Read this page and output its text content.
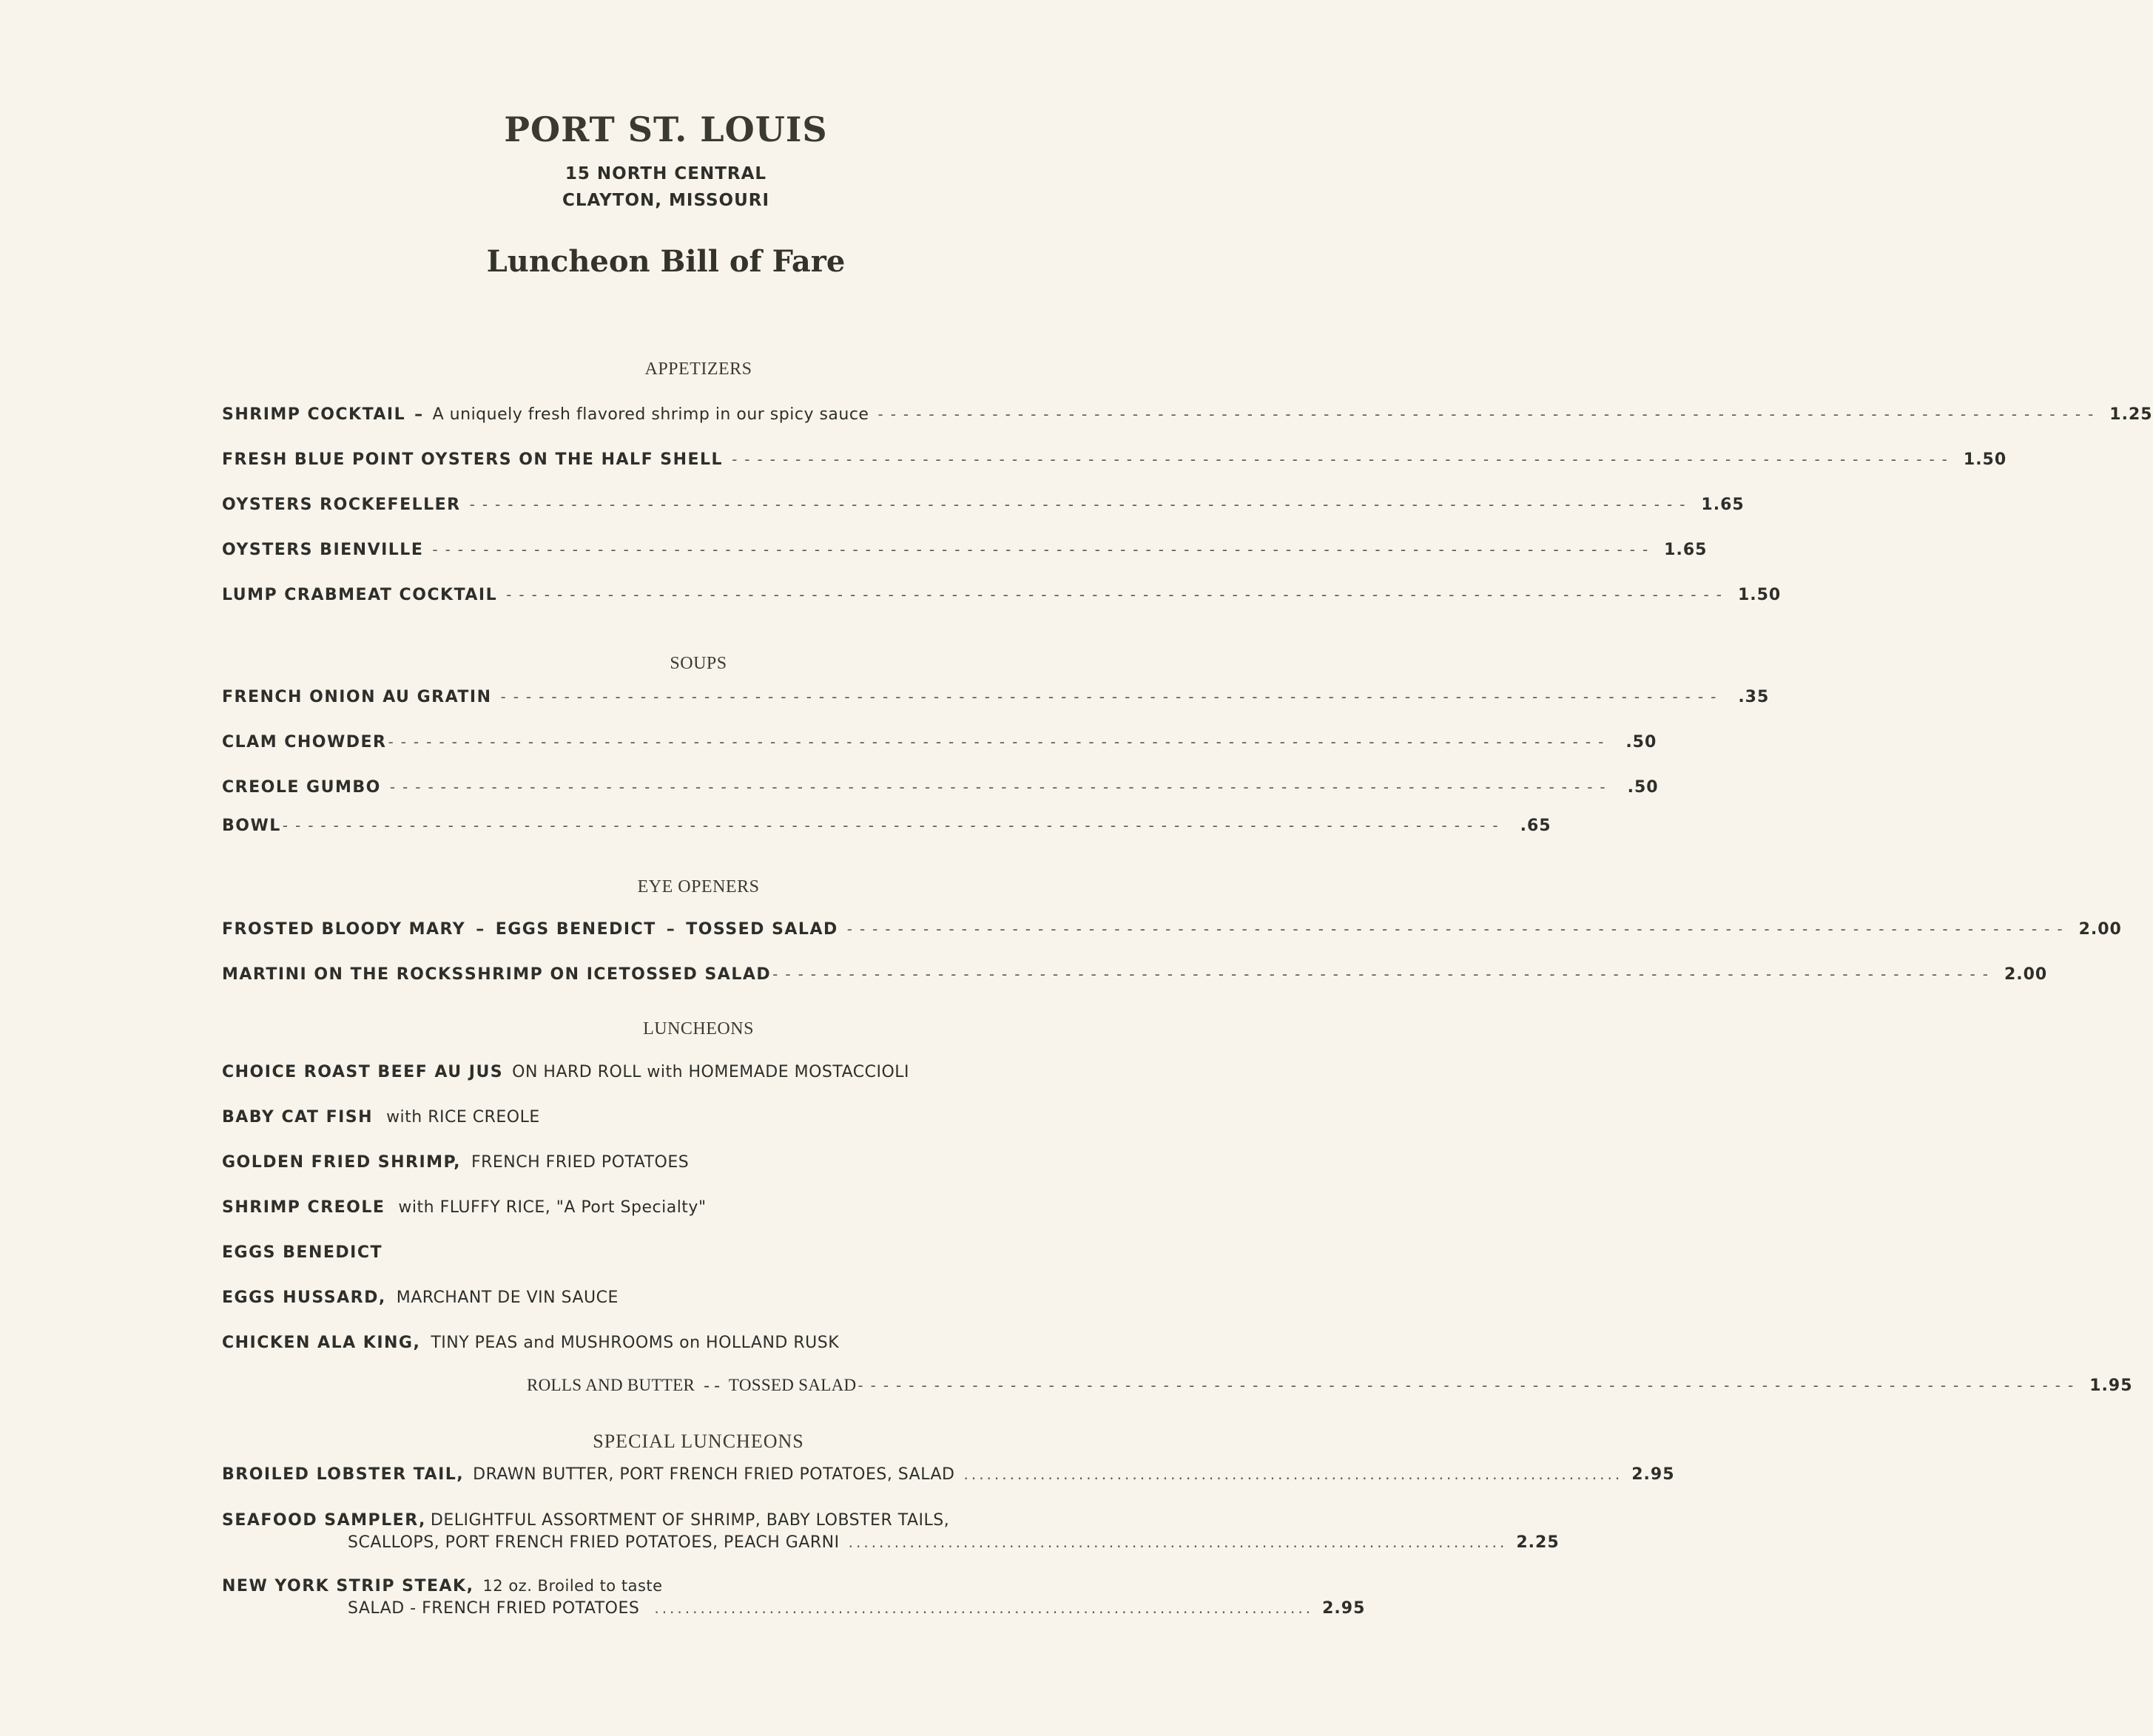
PORT ST. LOUIS
15 NORTH CENTRAL
CLAYTON, MISSOURI
Luncheon Bill of Fare
APPETIZERS
SHRIMP COCKTAIL – A uniquely fresh flavored shrimp in our spicy sauce ------------------------------------------------------------------------------------------------ 1.25
FRESH BLUE POINT OYSTERS ON THE HALF SHELL ------------------------------------------------------------------------------------------------ 1.50
OYSTERS ROCKEFELLER ------------------------------------------------------------------------------------------------ 1.65
OYSTERS BIENVILLE ------------------------------------------------------------------------------------------------ 1.65
LUMP CRABMEAT COCKTAIL ------------------------------------------------------------------------------------------------ 1.50
SOUPS
FRENCH ONION AU GRATIN ------------------------------------------------------------------------------------------------ .35
CLAM CHOWDER ------------------------------------------------------------------------------------------------ .50
CREOLE GUMBO ------------------------------------------------------------------------------------------------ .50
BOWL ------------------------------------------------------------------------------------------------ .65
EYE OPENERS
FROSTED BLOODY MARY – EGGS BENEDICT – TOSSED SALAD ------------------------------------------------------------------------------------------------ 2.00
MARTINI ON THE ROCKS SHRIMP ON ICE TOSSED SALAD ------------------------------------------------------------------------------------------------ 2.00
LUNCHEONS
CHOICE ROAST BEEF AU JUS ON HARD ROLL with HOMEMADE MOSTACCIOLI
BABY CAT FISH with RICE CREOLE
GOLDEN FRIED SHRIMP, FRENCH FRIED POTATOES
SHRIMP CREOLE with FLUFFY RICE, "A Port Specialty"
EGGS BENEDICT
EGGS HUSSARD, MARCHANT DE VIN SAUCE
CHICKEN ALA KING, TINY PEAS and MUSHROOMS on HOLLAND RUSK
ROLLS AND BUTTER  - -  TOSSED SALAD ------------------------------------------------------------------------------------------------ 1.95
SPECIAL LUNCHEONS
BROILED LOBSTER TAIL, DRAWN BUTTER, PORT FRENCH FRIED POTATOES, SALAD ...................................................................................... 2.95
SEAFOOD SAMPLER, DELIGHTFUL ASSORTMENT OF SHRIMP, BABY LOBSTER TAILS,
SCALLOPS, PORT FRENCH FRIED POTATOES, PEACH GARNI ...................................................................................... 2.25
NEW YORK STRIP STEAK, 12 oz. Broiled to taste
SALAD - FRENCH FRIED POTATOES ...................................................................................... 2.95
